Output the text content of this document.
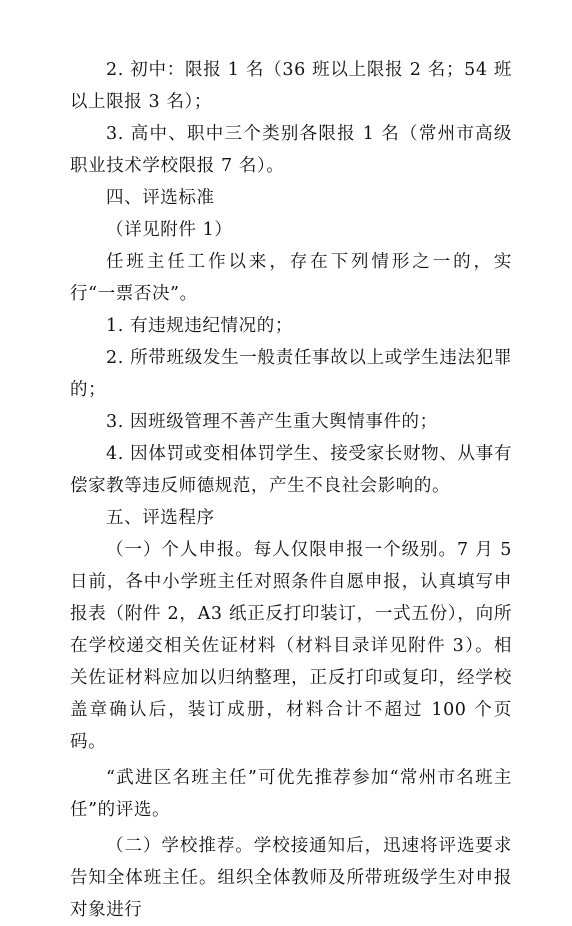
2. 初中：限报 1 名（36 班以上限报 2 名；54 班以上限报 3 名）；

3. 高中、职中三个类别各限报 1 名（常州市高级职业技术学校限报 7 名）。

四、评选标准

（详见附件 1）

任班主任工作以来，存在下列情形之一的，实行“一票否决”。

1. 有违规违纪情况的；

2. 所带班级发生一般责任事故以上或学生违法犯罪的；

3. 因班级管理不善产生重大舆情事件的；

4. 因体罚或变相体罚学生、接受家长财物、从事有偿家教等违反师德规范，产生不良社会影响的。

五、评选程序

（一）个人申报。每人仅限申报一个级别。7 月 5 日前，各中小学班主任对照条件自愿申报，认真填写申报表（附件 2，A3 纸正反打印装订，一式五份），向所在学校递交相关佐证材料（材料目录详见附件 3）。相关佐证材料应加以归纳整理，正反打印或复印，经学校盖章确认后，装订成册，材料合计不超过 100 个页码。

“武进区名班主任”可优先推荐参加“常州市名班主任”的评选。

（二）学校推荐。学校接通知后，迅速将评选要求告知全体班主任。组织全体教师及所带班级学生对申报对象进行
